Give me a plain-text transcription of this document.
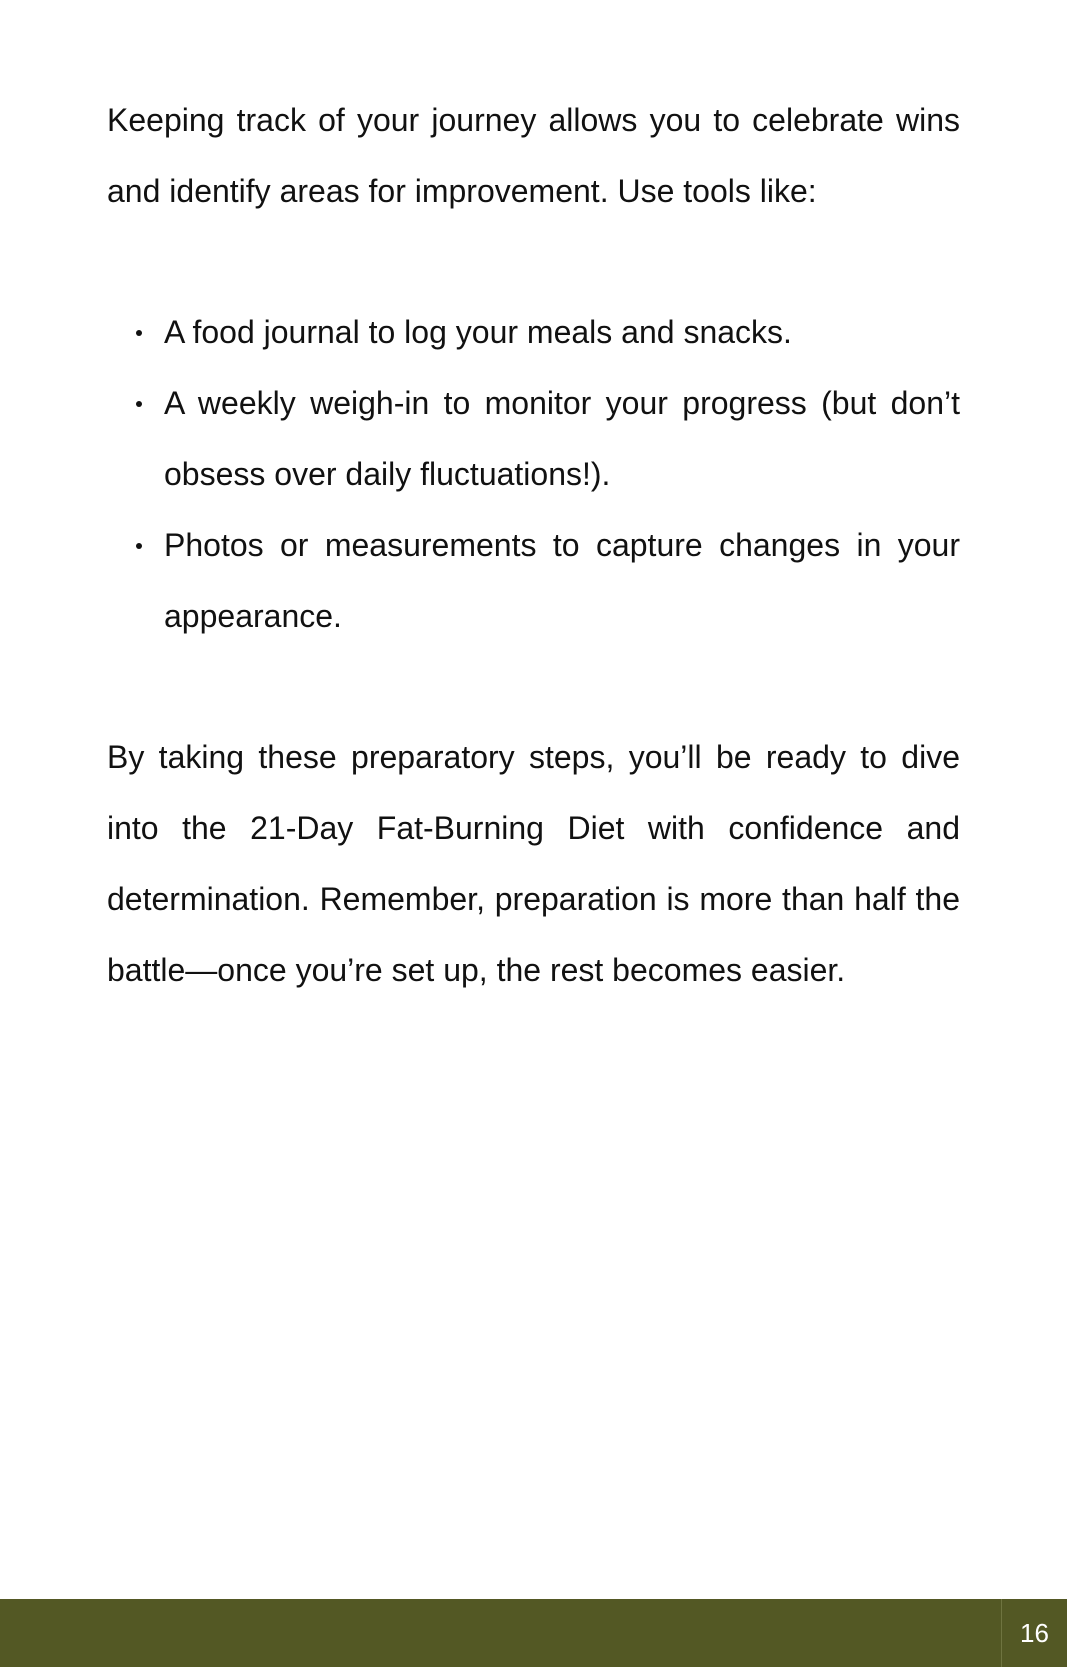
Keeping track of your journey allows you to celebrate wins and identify areas for improvement. Use tools like:

A food journal to log your meals and snacks.
A weekly weigh-in to monitor your progress (but don’t obsess over daily fluctuations!).
Photos or measurements to capture changes in your appearance.

By taking these preparatory steps, you’ll be ready to dive into the 21-Day Fat-Burning Diet with confidence and determination. Remember, preparation is more than half the battle—once you’re set up, the rest becomes easier.

16
